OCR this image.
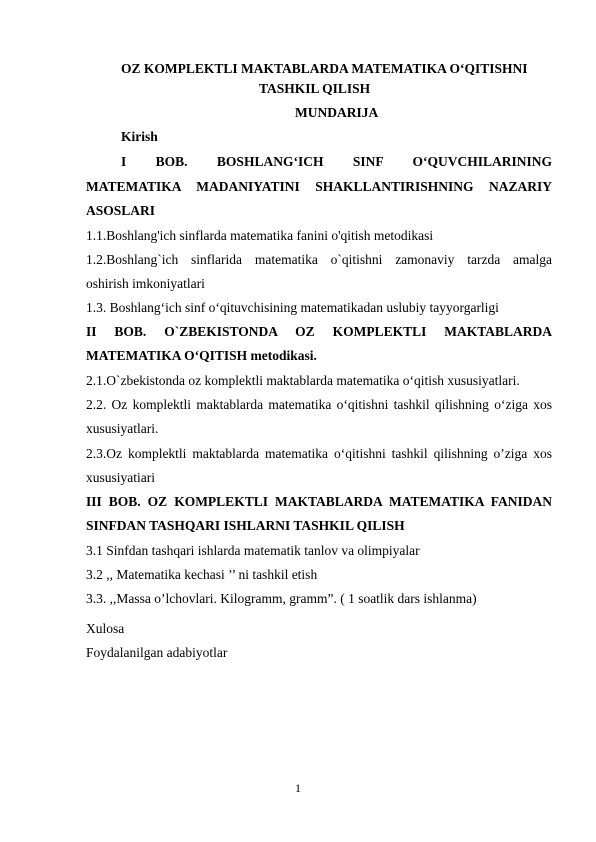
OZ KOMPLEKTLI MAKTABLARDA MATEMATIKA O‘QITISHNI
TASHKIL QILISH
MUNDARIJA
Kirish
I BOB. BOSHLANG‘ICH SINF O‘QUVCHILARINING
MATEMATIKA MADANIYATINI SHAKLLANTIRISHNING NAZARIY
ASOSLARI
1.1.Boshlang'ich sinflarda matematika fanini o'qitish metodikasi
1.2.Boshlang`ich sinflarida matematika o`qitishni zamonaviy tarzda amalga
oshirish imkoniyatlari
1.3. Boshlang‘ich sinf o‘qituvchisining matematikadan uslubiy tayyorgarligi
II BOB. O`ZBEKISTONDA OZ KOMPLEKTLI MAKTABLARDA
MATEMATIKA O‘QITISH metodikasi.
2.1.O`zbekistonda oz komplektli maktablarda matematika o‘qitish xususiyatlari.
2.2. Oz komplektli maktablarda matematika o‘qitishni tashkil qilishning o‘ziga xos
xususiyatlari.
2.3.Oz komplektli maktablarda matematika o‘qitishni tashkil qilishning o’ziga xos
xususiyatiari
III BOB. OZ KOMPLEKTLI MAKTABLARDA MATEMATIKA FANIDAN
SINFDAN TASHQARI ISHLARNI TASHKIL QILISH
3.1 Sinfdan tashqari ishlarda matematik tanlov va olimpiyalar
3.2 ,, Matematika kechasi ’’ ni tashkil etish
3.3. ,,Massa o’lchovlari. Kilogramm, gramm”. ( 1 soatlik dars ishlanma)
Xulosa
Foydalanilgan adabiyotlar
1
